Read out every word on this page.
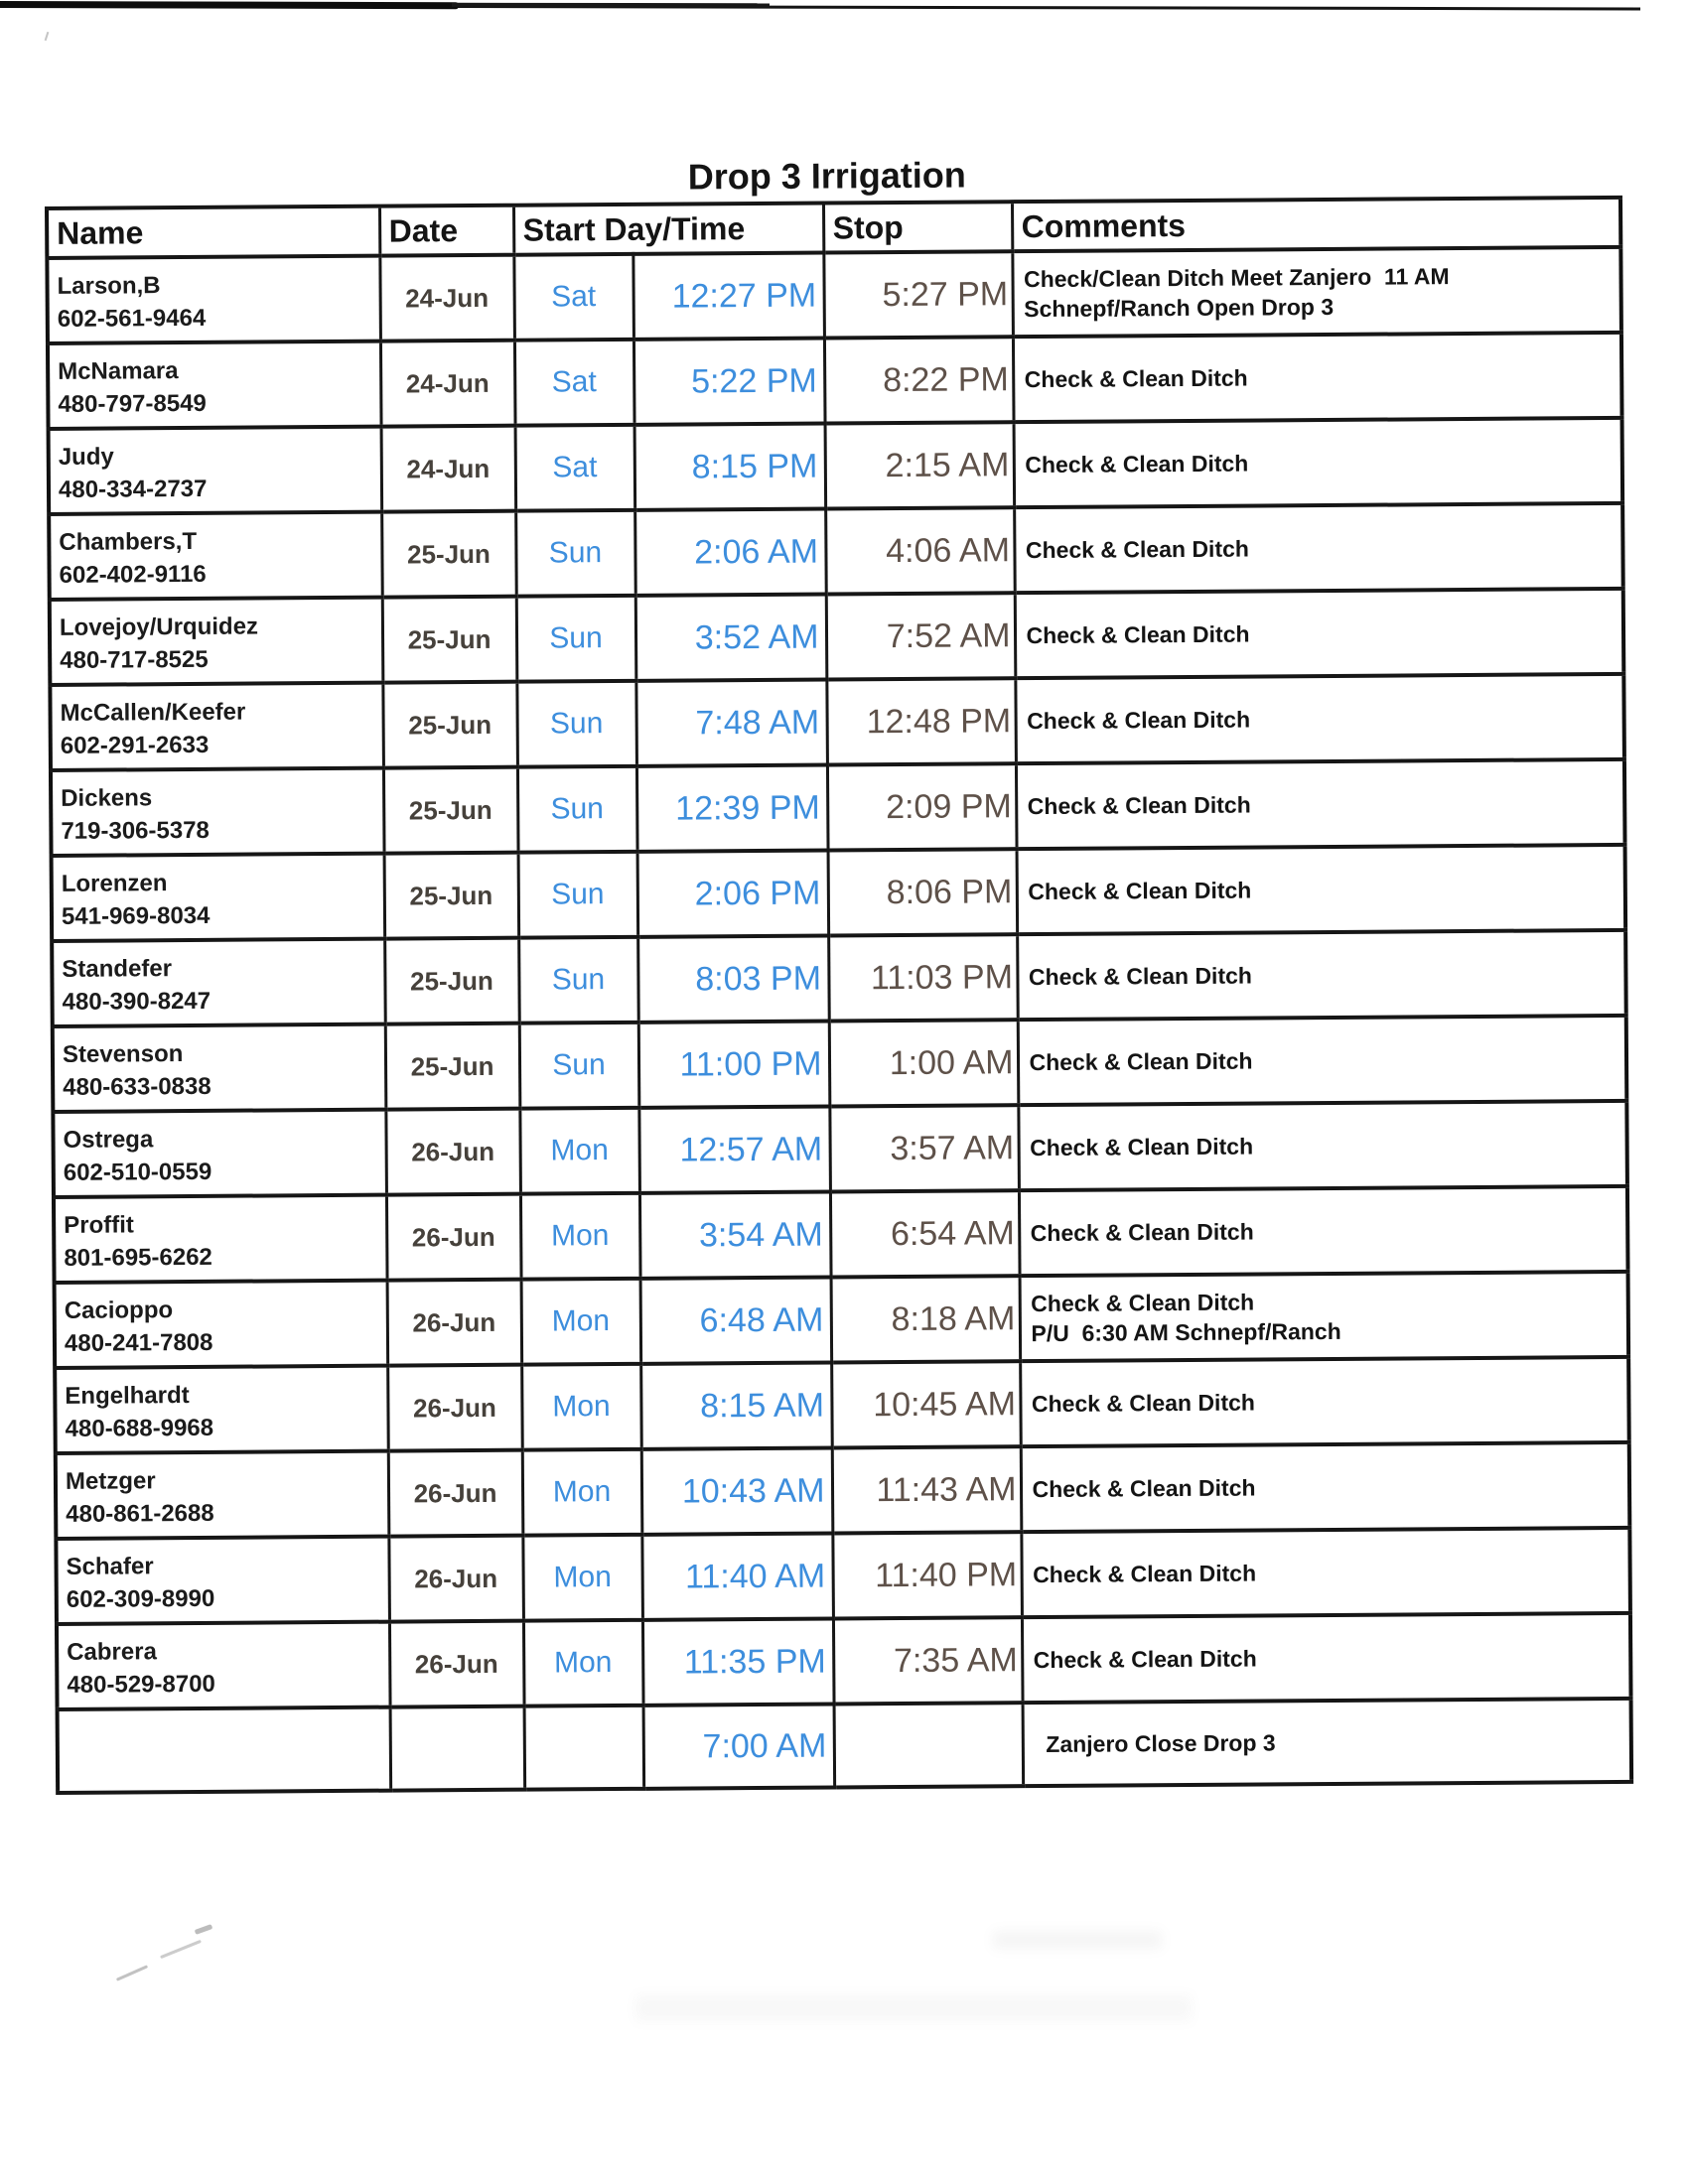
Drop 3 Irrigation
Name	Date	Start Day/Time		Stop	Comments

Larson,B
602-561-9464
	24-Jun	Sat	12:27 PM	5:27 PM	Check/Clean Ditch Meet Zanjero  11 AM
Schnepf/Ranch Open Drop 3

McNamara
480-797-8549	24-Jun	Sat	5:22 PM	8:22 PM	Check & Clean Ditch

Judy
480-334-2737	24-Jun	Sat	8:15 PM	2:15 AM	Check & Clean Ditch

Chambers,T
602-402-9116	25-Jun	Sun	2:06 AM	4:06 AM	Check & Clean Ditch

Lovejoy/Urquidez
480-717-8525	25-Jun	Sun	3:52 AM	7:52 AM	Check & Clean Ditch

McCallen/Keefer
602-291-2633	25-Jun	Sun	7:48 AM	12:48 PM	Check & Clean Ditch

Dickens
719-306-5378	25-Jun	Sun	12:39 PM	2:09 PM	Check & Clean Ditch

Lorenzen
541-969-8034	25-Jun	Sun	2:06 PM	8:06 PM	Check & Clean Ditch

Standefer
480-390-8247	25-Jun	Sun	8:03 PM	11:03 PM	Check & Clean Ditch

Stevenson
480-633-0838	25-Jun	Sun	11:00 PM	1:00 AM	Check & Clean Ditch

Ostrega
602-510-0559	26-Jun	Mon	12:57 AM	3:57 AM	Check & Clean Ditch

Proffit
801-695-6262	26-Jun	Mon	3:54 AM	6:54 AM	Check & Clean Ditch

Cacioppo
480-241-7808
	26-Jun	Mon	6:48 AM	8:18 AM	Check & Clean Ditch
P/U  6:30 AM Schnepf/Ranch

Engelhardt
480-688-9968	26-Jun	Mon	8:15 AM	10:45 AM	Check & Clean Ditch

Metzger
480-861-2688	26-Jun	Mon	10:43 AM	11:43 AM	Check & Clean Ditch

Schafer
602-309-8990	26-Jun	Mon	11:40 AM	11:40 PM	Check & Clean Ditch

Cabrera
480-529-8700	26-Jun	Mon	11:35 PM	7:35 AM	Check & Clean Ditch

			7:00 AM		Zanjero Close Drop 3
